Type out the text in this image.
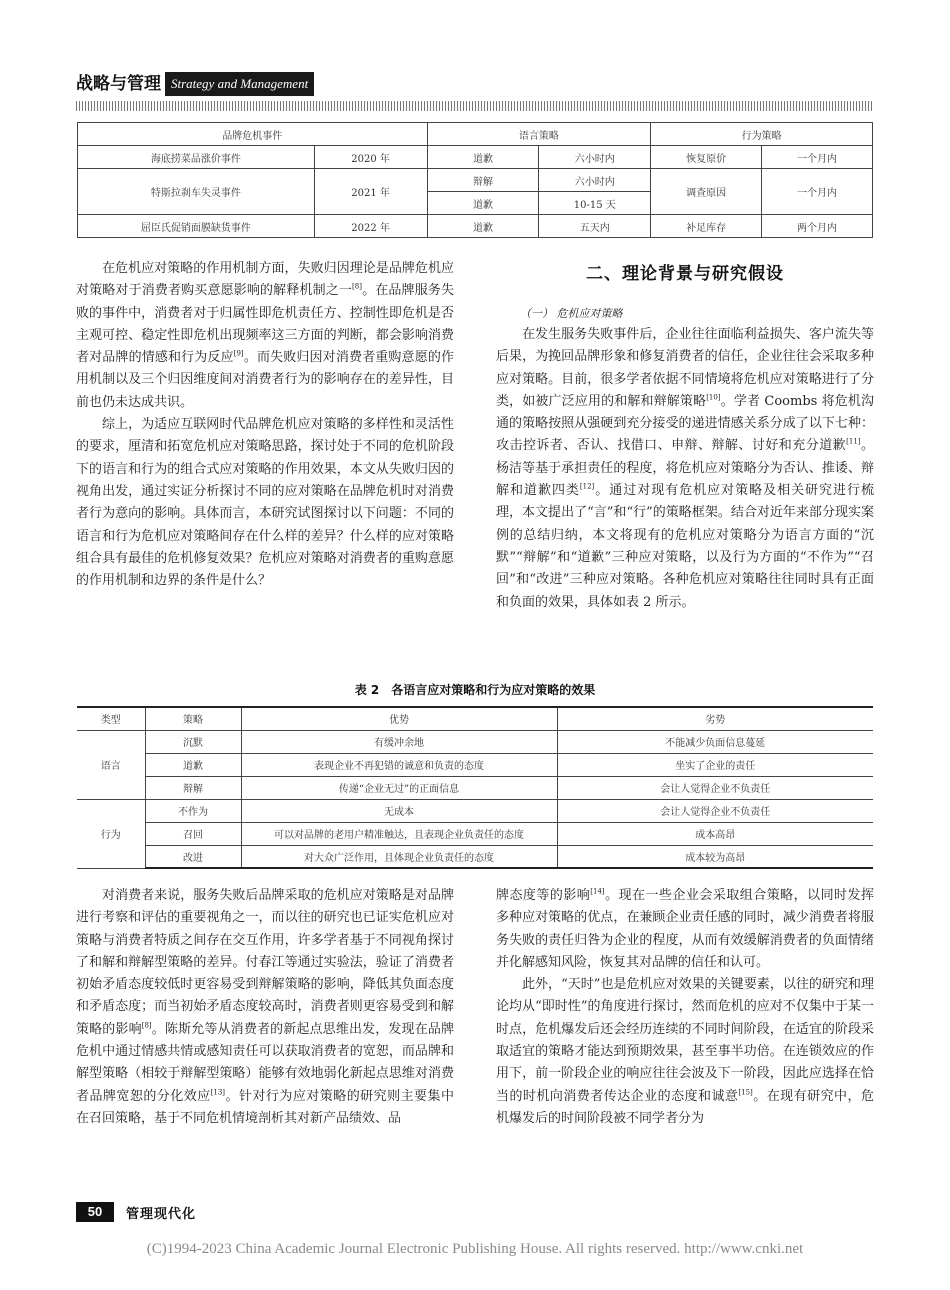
战略与管理 Strategy and Management
品牌危机事件		语言策略		行为策略	
海底捞菜品涨价事件	2020 年	道歉	六小时内	恢复原价	一个月内
特斯拉刹车失灵事件	2021 年	辩解	六小时内	调查原因	一个月内
		道歉	10-15 天		
屈臣氏促销面膜缺货事件	2022 年	道歉	五天内	补足库存	两个月内

在危机应对策略的作用机制方面，失败归因理论是品牌危机应对策略对于消费者购买意愿影响的解释机制之一[8]。在品牌服务失败的事件中，消费者对于归属性即危机责任方、控制性即危机是否主观可控、稳定性即危机出现频率这三方面的判断，都会影响消费者对品牌的情感和行为反应[9]。而失败归因对消费者重购意愿的作用机制以及三个归因维度间对消费者行为的影响存在的差异性，目前也仍未达成共识。

综上，为适应互联网时代品牌危机应对策略的多样性和灵活性的要求，厘清和拓宽危机应对策略思路，探讨处于不同的危机阶段下的语言和行为的组合式应对策略的作用效果，本文从失败归因的视角出发，通过实证分析探讨不同的应对策略在品牌危机时对消费者行为意向的影响。具体而言，本研究试图探讨以下问题：不同的语言和行为危机应对策略间存在什么样的差异？什么样的应对策略组合具有最佳的危机修复效果？危机应对策略对消费者的重购意愿的作用机制和边界的条件是什么？

二、理论背景与研究假设
（一） 危机应对策略

在发生服务失败事件后，企业往往面临利益损失、客户流失等后果，为挽回品牌形象和修复消费者的信任，企业往往会采取多种应对策略。目前，很多学者依据不同情境将危机应对策略进行了分类，如被广泛应用的和解和辩解策略[10]。学者 Coombs 将危机沟通的策略按照从强硬到充分接受的递进情感关系分成了以下七种：攻击控诉者、否认、找借口、申辩、辩解、讨好和充分道歉[11]。杨洁等基于承担责任的程度，将危机应对策略分为否认、推诿、辩解和道歉四类[12]。通过对现有危机应对策略及相关研究进行梳理，本文提出了“言”和“行”的策略框架。结合对近年来部分现实案例的总结归纳，本文将现有的危机应对策略分为语言方面的“沉默”“辩解”和“道歉”三种应对策略，以及行为方面的“不作为”“召回”和“改进”三种应对策略。各种危机应对策略往往同时具有正面和负面的效果，具体如表 2 所示。

表 2　各语言应对策略和行为应对策略的效果
类型	策略	优势	劣势
语言	沉默	有缓冲余地	不能减少负面信息蔓延
	道歉	表现企业不再犯错的诚意和负责的态度	坐实了企业的责任
	辩解	传递“企业无过”的正面信息	会让人觉得企业不负责任
行为	不作为	无成本	会让人觉得企业不负责任
	召回	可以对品牌的老用户精准触达，且表现企业负责任的态度	成本高昂
	改进	对大众广泛作用，且体现企业负责任的态度	成本较为高昂

对消费者来说，服务失败后品牌采取的危机应对策略是对品牌进行考察和评估的重要视角之一，而以往的研究也已证实危机应对策略与消费者特质之间存在交互作用，许多学者基于不同视角探讨了和解和辩解型策略的差异。付春江等通过实验法，验证了消费者初始矛盾态度较低时更容易受到辩解策略的影响，降低其负面态度和矛盾态度；而当初始矛盾态度较高时，消费者则更容易受到和解策略的影响[8]。陈斯允等从消费者的新起点思维出发，发现在品牌危机中通过情感共情或感知责任可以获取消费者的宽恕，而品牌和解型策略（相较于辩解型策略）能够有效地弱化新起点思维对消费者品牌宽恕的分化效应[13]。针对行为应对策略的研究则主要集中在召回策略，基于不同危机情境剖析其对新产品绩效、品

牌态度等的影响[14]。现在一些企业会采取组合策略，以同时发挥多种应对策略的优点，在兼顾企业责任感的同时，减少消费者将服务失败的责任归咎为企业的程度，从而有效缓解消费者的负面情绪并化解感知风险，恢复其对品牌的信任和认可。

此外，“天时”也是危机应对效果的关键要素，以往的研究和理论均从“即时性”的角度进行探讨，然而危机的应对不仅集中于某一时点，危机爆发后还会经历连续的不同时间阶段，在适宜的阶段采取适宜的策略才能达到预期效果，甚至事半功倍。在连锁效应的作用下，前一阶段企业的响应往往会波及下一阶段，因此应选择在恰当的时机向消费者传达企业的态度和诚意[15]。在现有研究中，危机爆发后的时间阶段被不同学者分为

50	管理现代化
(C)1994-2023 China Academic Journal Electronic Publishing House. All rights reserved. http://www.cnki.net
